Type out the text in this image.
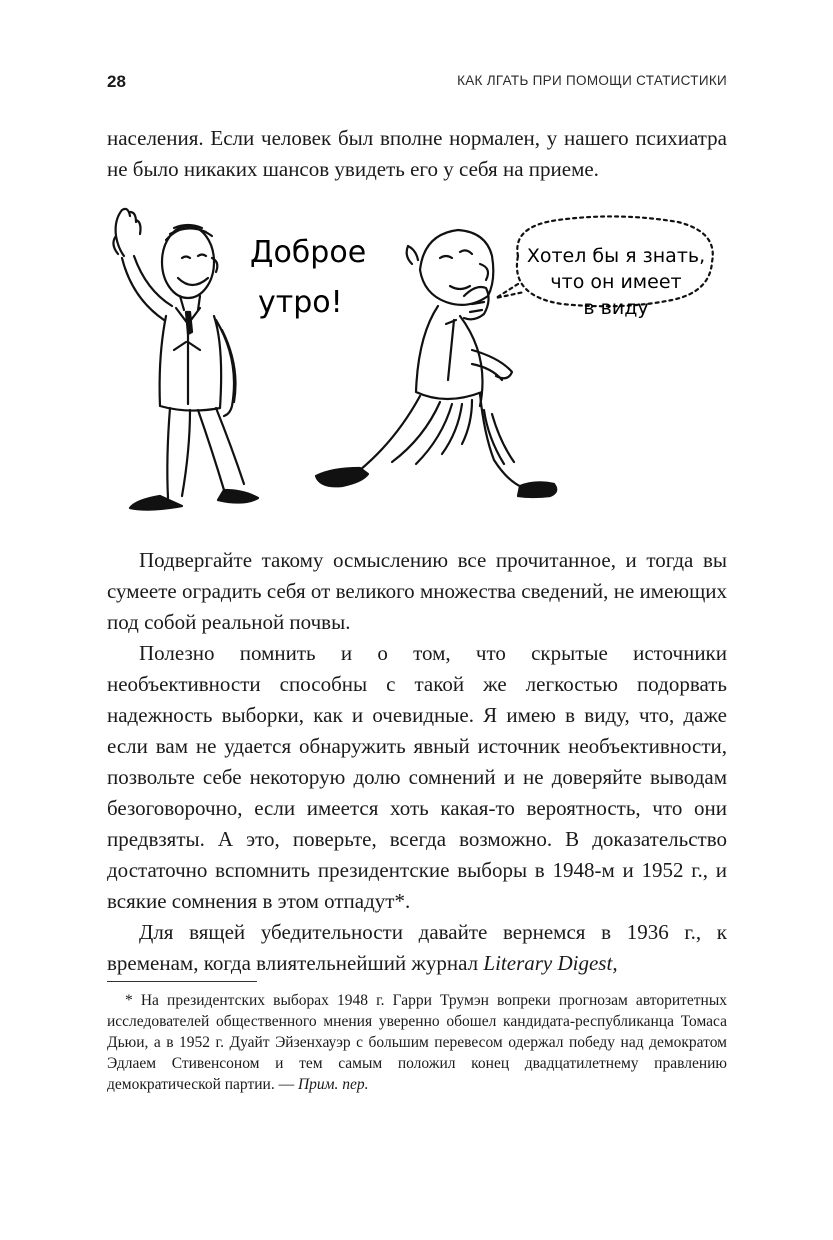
28	КАК ЛГАТЬ ПРИ ПОМОЩИ СТАТИСТИКИ

населения. Если человек был вполне нормален, у нашего психиатра не было никаких шансов увидеть его у себя на приеме.

Доброе
утро!
Хотел бы я знать,
что он имеет
в виду

Подвергайте такому осмыслению все прочитанное, и тогда вы сумеете оградить себя от великого множества сведений, не имеющих под собой реальной почвы.

Полезно помнить и о том, что скрытые источники необъективности способны с такой же легкостью подорвать надежность выборки, как и очевидные. Я имею в виду, что, даже если вам не удается обнаружить явный источник необъективности, позвольте себе некоторую долю сомнений и не доверяйте выводам безоговорочно, если имеется хоть какая-то вероятность, что они предвзяты. А это, поверьте, всегда возможно. В доказательство достаточно вспомнить президентские выборы в 1948-м и 1952 г., и всякие сомнения в этом отпадут*.

Для вящей убедительности давайте вернемся в 1936 г., к временам, когда влиятельнейший журнал Literary Digest,

* На президентских выборах 1948 г. Гарри Трумэн вопреки прогнозам авторитетных исследователей общественного мнения уверенно обошел кандидата-республиканца Томаса Дьюи, а в 1952 г. Дуайт Эйзенхауэр с большим перевесом одержал победу над демократом Эдлаем Стивенсоном и тем самым положил конец двадцатилетнему правлению демократической партии. — Прим. пер.
